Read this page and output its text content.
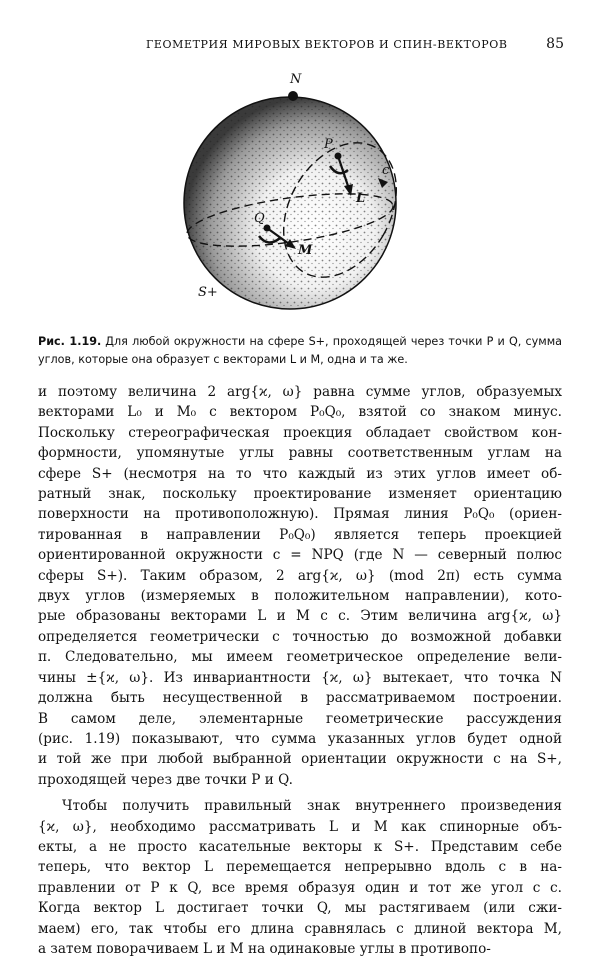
ГЕОМЕТРИЯ МИРОВЫХ ВЕКТОРОВ И СПИН-ВЕКТОРОВ	85
N
P
Q
L
M
c
S+
Рис. 1.19. Для любой окружности на сфере S+, проходящей через точки P и Q, сумма углов, которые она образует с векторами L и M, одна и та же.
и поэтому величина 2 arg{ϰ, ω} равна сумме углов, образуемых
векторами L₀ и M₀ с вектором P₀Q₀, взятой со знаком минус.
Поскольку стереографическая проекция обладает свойством кон-
формности, упомянутые углы равны соответственным углам на
сфере S+ (несмотря на то что каждый из этих углов имеет об-
ратный знак, поскольку проектирование изменяет ориентацию
поверхности на противоположную). Прямая линия P₀Q₀ (ориен-
тированная в направлении P₀Q₀) является теперь проекцией
ориентированной окружности c = NPQ (где N — северный полюс
сферы S+). Таким образом, 2 arg{ϰ, ω} (mod 2π) есть сумма
двух углов (измеряемых в положительном направлении), кото-
рые образованы векторами L и M с c. Этим величина arg{ϰ, ω}
определяется геометрически с точностью до возможной добавки
π. Следовательно, мы имеем геометрическое определение вели-
чины ±{ϰ, ω}. Из инвариантности {ϰ, ω} вытекает, что точка N
должна быть несущественной в рассматриваемом построении.
В самом деле, элементарные геометрические рассуждения
(рис. 1.19) показывают, что сумма указанных углов будет одной
и той же при любой выбранной ориентации окружности c на S+,
проходящей через две точки P и Q.
Чтобы получить правильный знак внутреннего произведения
{ϰ, ω}, необходимо рассматривать L и M как спинорные объ-
екты, а не просто касательные векторы к S+. Представим себе
теперь, что вектор L перемещается непрерывно вдоль c в на-
правлении от P к Q, все время образуя один и тот же угол с c.
Когда вектор L достигает точки Q, мы растягиваем (или сжи-
маем) его, так чтобы его длина сравнялась с длиной вектора M,
а затем поворачиваем L и M на одинаковые углы в противопо-
